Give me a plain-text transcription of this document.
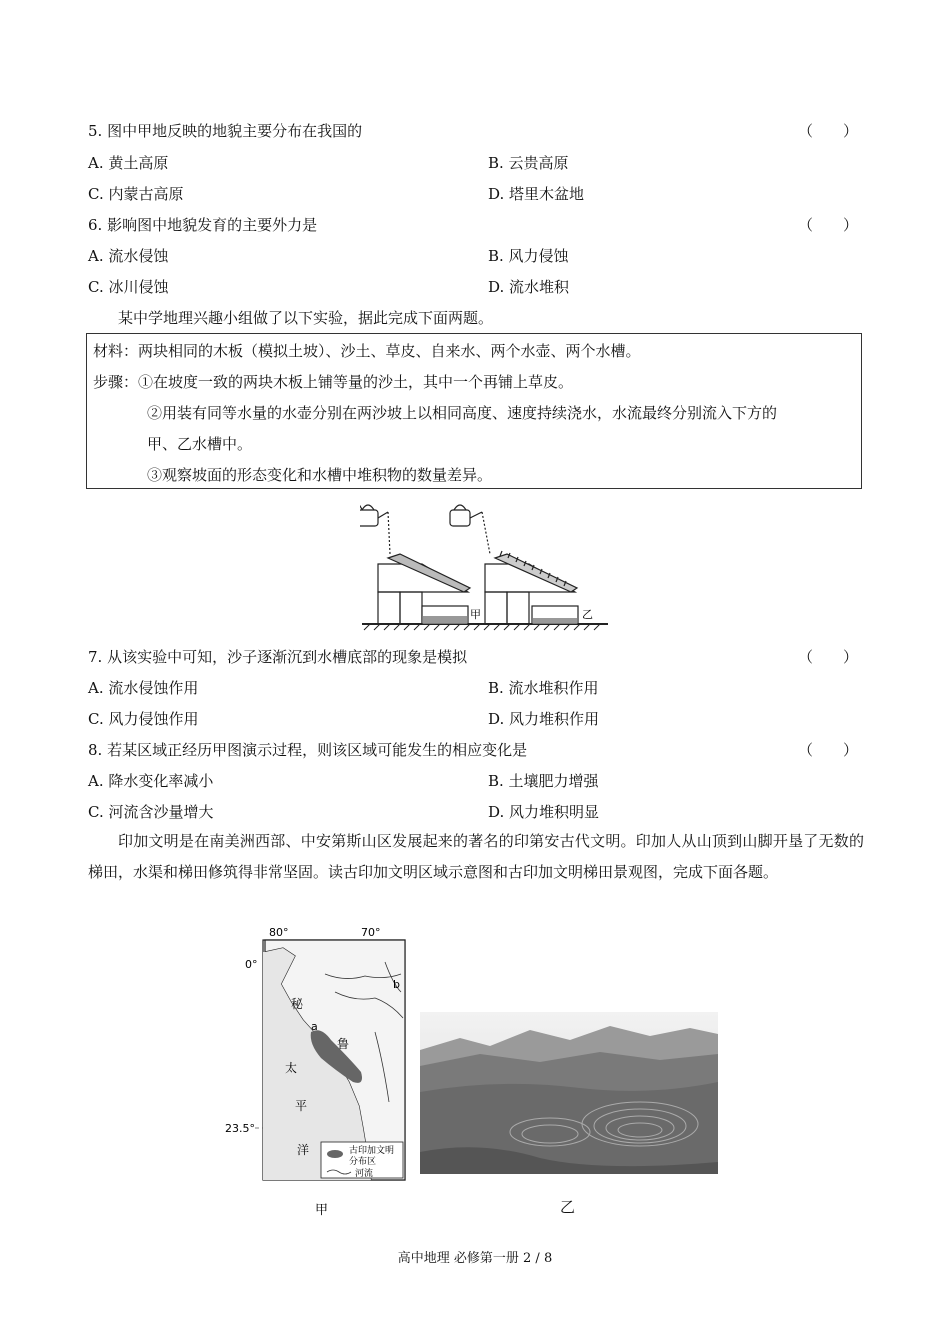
5. 图中甲地反映的地貌主要分布在我国的	（　　）
A. 黄土高原	B. 云贵高原
C. 内蒙古高原	D. 塔里木盆地
6. 影响图中地貌发育的主要外力是	（　　）
A. 流水侵蚀	B. 风力侵蚀
C. 冰川侵蚀	D. 流水堆积
某中学地理兴趣小组做了以下实验，据此完成下面两题。
材料：两块相同的木板（模拟土坡）、沙土、草皮、自来水、两个水壶、两个水槽。
步骤：①在坡度一致的两块木板上铺等量的沙土，其中一个再铺上草皮。
②用装有同等水量的水壶分别在两沙坡上以相同高度、速度持续浇水，水流最终分别流入下方的
甲、乙水槽中。
③观察坡面的形态变化和水槽中堆积物的数量差异。
甲	乙
7. 从该实验中可知，沙子逐渐沉到水槽底部的现象是模拟	（　　）
A. 流水侵蚀作用	B. 流水堆积作用
C. 风力侵蚀作用	D. 风力堆积作用
8. 若某区域正经历甲图演示过程，则该区域可能发生的相应变化是	（　　）
A. 降水变化率减小	B. 土壤肥力增强
C. 河流含沙量增大	D. 风力堆积明显
印加文明是在南美洲西部、中安第斯山区发展起来的著名的印第安古代文明。印加人从山顶到山脚开垦了无数的梯田，水渠和梯田修筑得非常坚固。读古印加文明区域示意图和古印加文明梯田景观图，完成下面各题。
古印加文明
分布区
河流
80°	70°
0°
23.5°
秘
鲁
太
平
洋
a
b
甲	乙
高中地理 必修第一册 2 / 8
